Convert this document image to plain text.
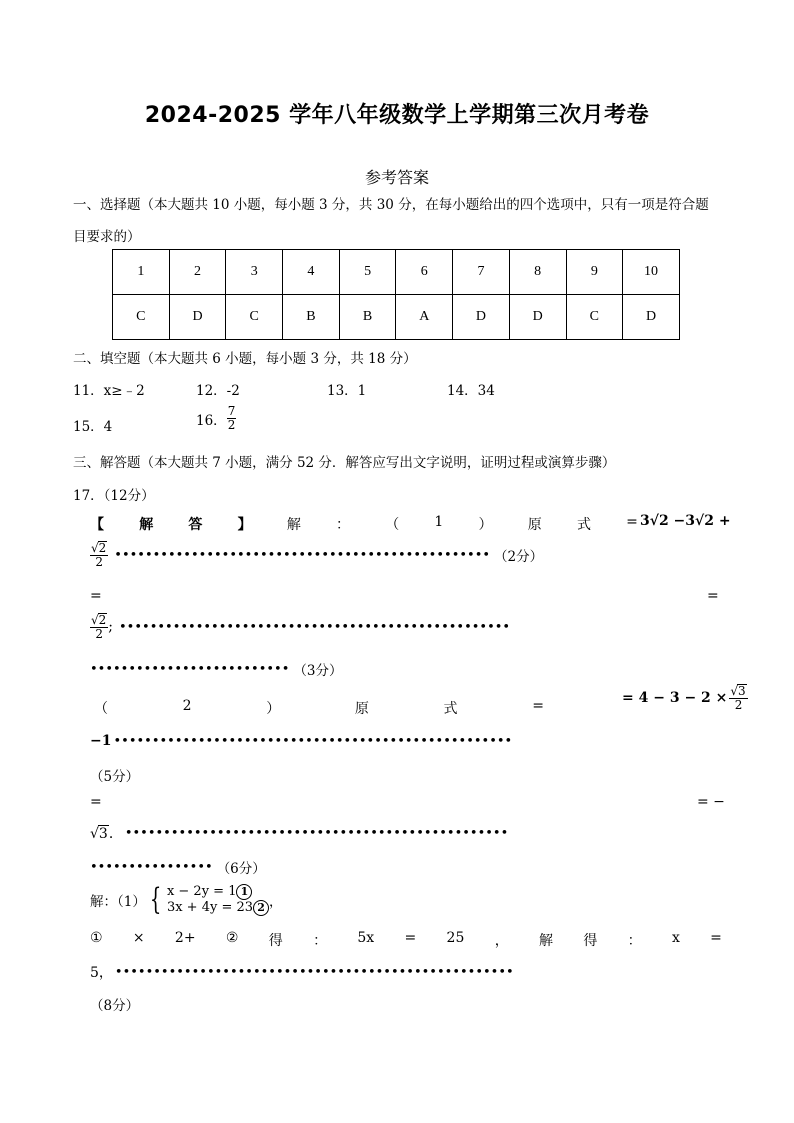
2024-2025 学年八年级数学上学期第三次月考卷
参考答案
一、选择题（本大题共 10 小题，每小题 3 分，共 30 分，在每小题给出的四个选项中，只有一项是符合题
目要求的）
1	2	3	4	5	6	7	8	9	10
C	D	C	B	B	A	D	D	C	D
二、填空题（本大题共 6 小题，每小题 3 分，共 18 分）
11．x≥﹣2	12．-2	13．1	14．34
15．4	16． $\frac{7}{2}$
三、解答题（本大题共 7 小题，满分 52 分．解答应写出文字说明，证明过程或演算步骤）
17．（12分）
【	解	答	】	解	：	（	1	）	原	式	= 3√2 −3√2 +
$\frac{√2}{2}$ ••••••••••••••••••••••••••••••••••••••••••••••••• （2分）
=	=
$\frac{√2}{2}$ ; •••••••••••••••••••••••••••••••••••••••••••••••••••
•••••••••••••••••••••••••• （3分）
（	2	）	原	式	=	= $4 - 3 - 2 \times \frac{√3}{2}$
−1 ••••••••••••••••••••••••••••••••••••••••••••••••••••
（5分）
=	= −
√3． ••••••••••••••••••••••••••••••••••••••••••••••••••
•••••••••••••••• （6分）
解：（1） { x − 2y = 1 1
3x + 4y = 23 2 ，
① × 2+ ② 得 ： 5x = 25 ， 解 得 ： x =
5， ••••••••••••••••••••••••••••••••••••••••••••••••••••
（8分）
